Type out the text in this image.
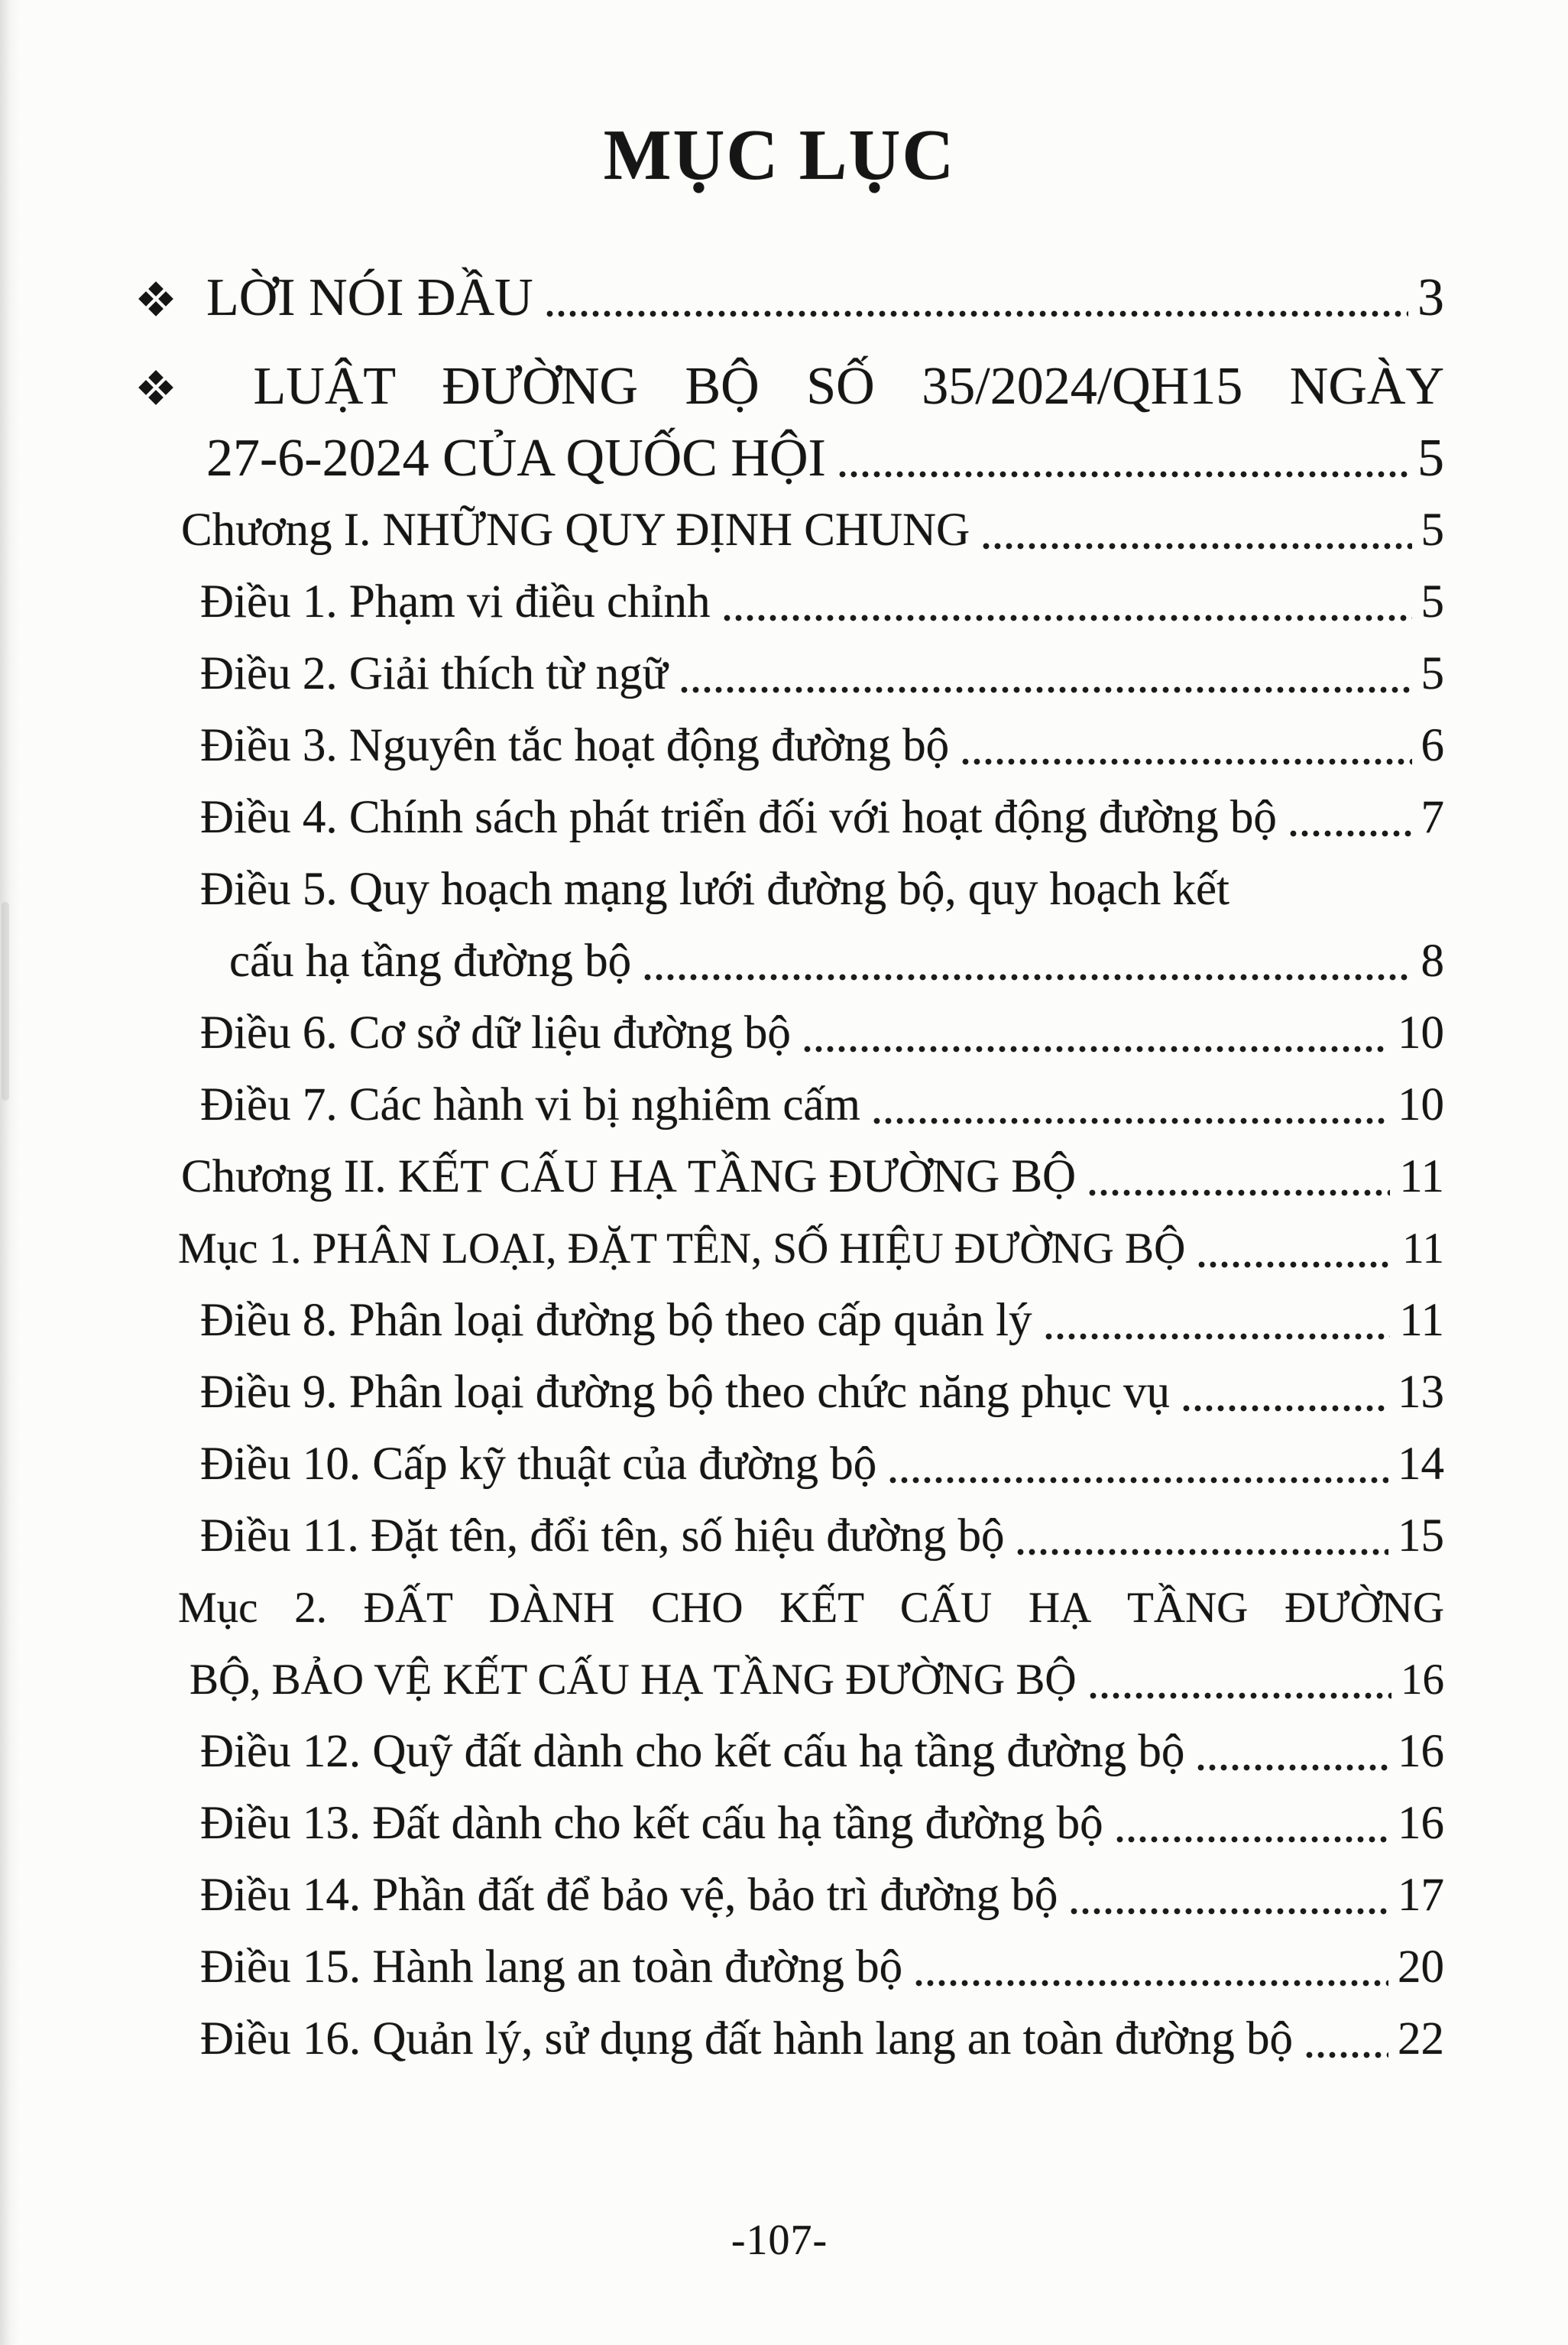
MỤC LỤC
LỜI NÓI ĐẦU	3
LUẬT ĐƯỜNG BỘ SỐ 35/2024/QH15 NGÀY
27-6-2024 CỦA QUỐC HỘI	5
Chương I. NHỮNG QUY ĐỊNH CHUNG	5
Điều 1. Phạm vi điều chỉnh	5
Điều 2. Giải thích từ ngữ	5
Điều 3. Nguyên tắc hoạt động đường bộ	6
Điều 4. Chính sách phát triển đối với hoạt động đường bộ	7
Điều 5. Quy hoạch mạng lưới đường bộ, quy hoạch kết
cấu hạ tầng đường bộ	8
Điều 6. Cơ sở dữ liệu đường bộ	10
Điều 7. Các hành vi bị nghiêm cấm	10
Chương II. KẾT CẤU HẠ TẦNG ĐƯỜNG BỘ	11
Mục 1. PHÂN LOẠI, ĐẶT TÊN, SỐ HIỆU ĐƯỜNG BỘ	11
Điều 8. Phân loại đường bộ theo cấp quản lý	11
Điều 9. Phân loại đường bộ theo chức năng phục vụ	13
Điều 10. Cấp kỹ thuật của đường bộ	14
Điều 11. Đặt tên, đổi tên, số hiệu đường bộ	15
Mục 2. ĐẤT DÀNH CHO KẾT CẤU HẠ TẦNG ĐƯỜNG
BỘ, BẢO VỆ KẾT CẤU HẠ TẦNG ĐƯỜNG BỘ	16
Điều 12. Quỹ đất dành cho kết cấu hạ tầng đường bộ	16
Điều 13. Đất dành cho kết cấu hạ tầng đường bộ	16
Điều 14. Phần đất để bảo vệ, bảo trì đường bộ	17
Điều 15. Hành lang an toàn đường bộ	20
Điều 16. Quản lý, sử dụng đất hành lang an toàn đường bộ 22
-107-
